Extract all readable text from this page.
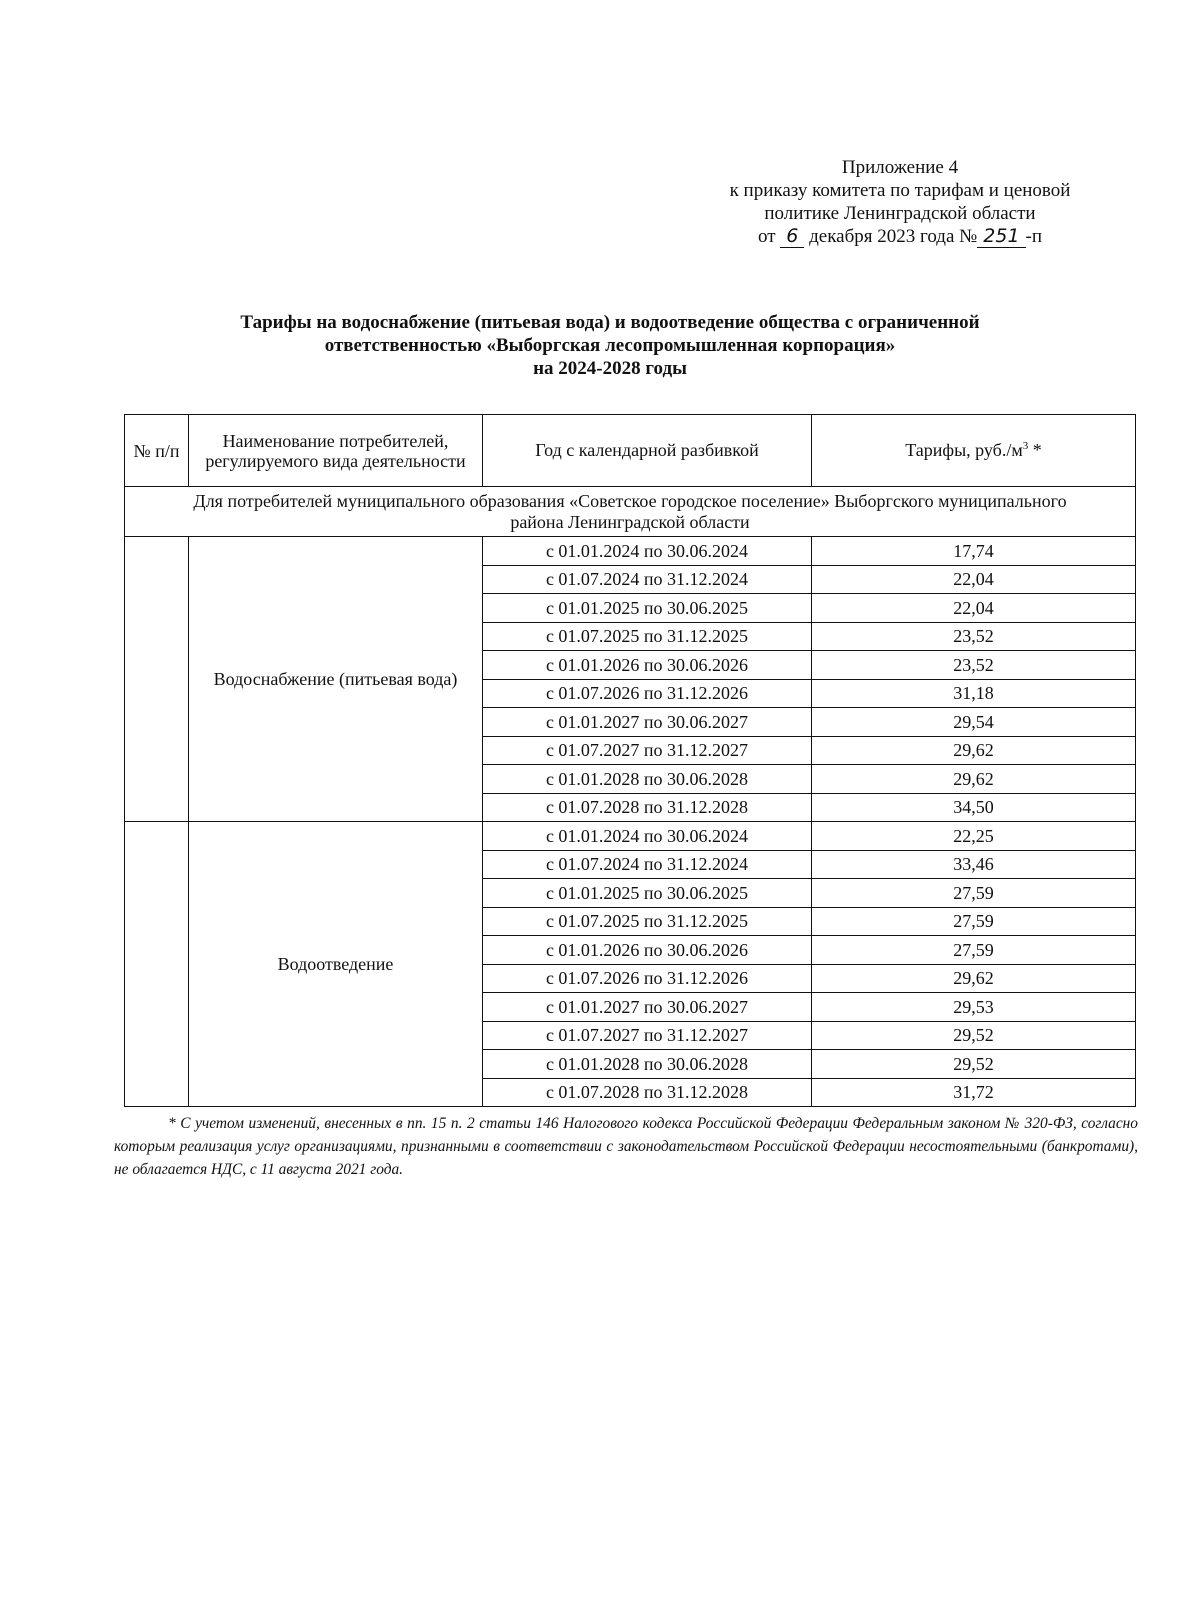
Приложение 4
к приказу комитета по тарифам и ценовой
политике Ленинградской области
от 6 декабря 2023 года № 251 -п
Тарифы на водоснабжение (питьевая вода) и водоотведение общества с ограниченной
ответственностью «Выборгская лесопромышленная корпорация»
на 2024-2028 годы
№ п/п	Наименование потребителей, регулируемого вида деятельности	Год с календарной разбивкой	Тарифы, $руб./м^3$ *
Для потребителей муниципального образования «Советское городское поселение» Выборгского муниципального района Ленинградской области			
	Водоснабжение (питьевая вода)	с 01.01.2024 по 30.06.2024	17,74
		с 01.07.2024 по 31.12.2024	22,04
		с 01.01.2025 по 30.06.2025	22,04
		с 01.07.2025 по 31.12.2025	23,52
		с 01.01.2026 по 30.06.2026	23,52
		с 01.07.2026 по 31.12.2026	31,18
		с 01.01.2027 по 30.06.2027	29,54
		с 01.07.2027 по 31.12.2027	29,62
		с 01.01.2028 по 30.06.2028	29,62
		с 01.07.2028 по 31.12.2028	34,50
	Водоотведение	с 01.01.2024 по 30.06.2024	22,25
		с 01.07.2024 по 31.12.2024	33,46
		с 01.01.2025 по 30.06.2025	27,59
		с 01.07.2025 по 31.12.2025	27,59
		с 01.01.2026 по 30.06.2026	27,59
		с 01.07.2026 по 31.12.2026	29,62
		с 01.01.2027 по 30.06.2027	29,53
		с 01.07.2027 по 31.12.2027	29,52
		с 01.01.2028 по 30.06.2028	29,52
		с 01.07.2028 по 31.12.2028	31,72
* С учетом изменений, внесенных в пп. 15 п. 2 статьи 146 Налогового кодекса Российской Федерации Федеральным законом № 320-ФЗ, согласно которым реализация услуг организациями, признанными в соответствии с законодательством Российской Федерации несостоятельными (банкротами), не облагается НДС, с 11 августа 2021 года.
